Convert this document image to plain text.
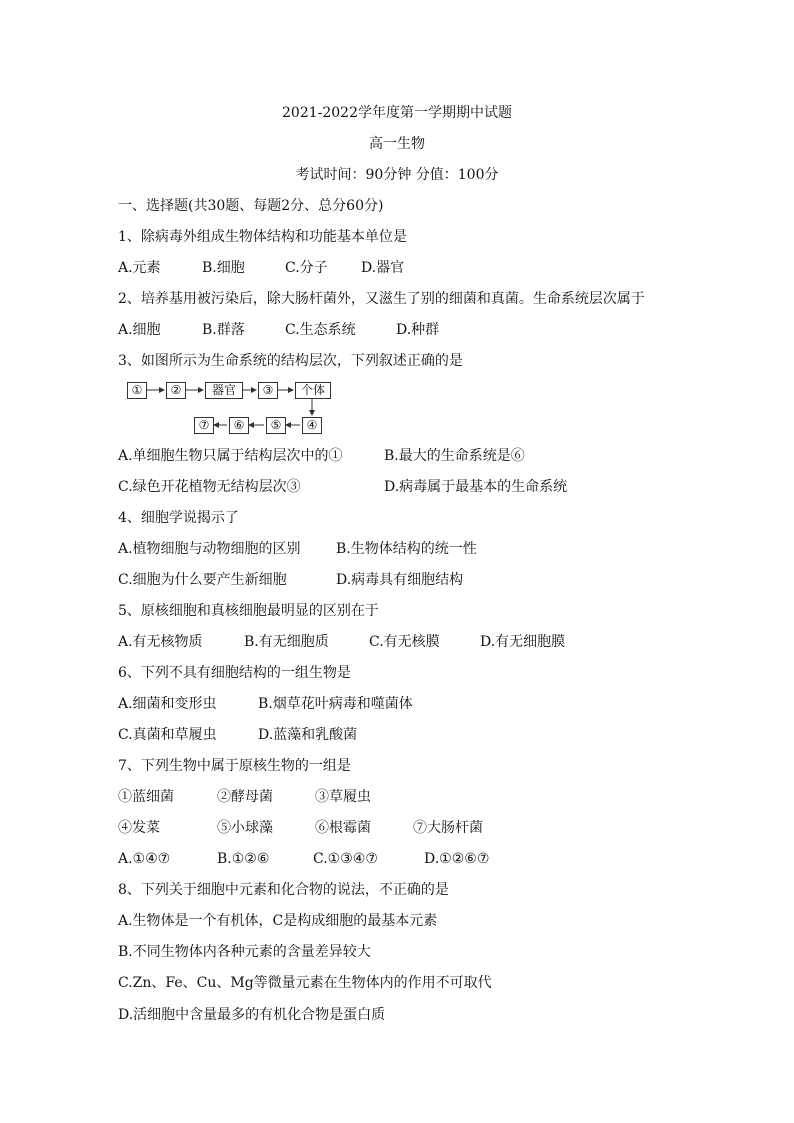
2021-2022学年度第一学期期中试题
高一生物
考试时间：90分钟 分值：100分
一、选择题(共30题、每题2分、总分60分)
1、除病毒外组成生物体结构和功能基本单位是
A.元素	B.细胞	C.分子 D.器官
2、培养基用被污染后，除大肠杆菌外，又滋生了别的细菌和真菌。生命系统层次属于
A.细胞	B.群落	C.生态系统	D.种群
3、如图所示为生命系统的结构层次，下列叙述正确的是
①	②	器官	③	个体
⑦	⑥	⑤	④
A.单细胞生物只属于结构层次中的①	B.最大的生命系统是⑥
C.绿色开花植物无结构层次③	D.病毒属于最基本的生命系统
4、细胞学说揭示了
A.植物细胞与动物细胞的区别	B.生物体结构的统一性
C.细胞为什么要产生新细胞	D.病毒具有细胞结构
5、原核细胞和真核细胞最明显的区别在于
A.有无核物质	B.有无细胞质	C.有无核膜	D.有无细胞膜
6、下列不具有细胞结构的一组生物是
A.细菌和变形虫	B.烟草花叶病毒和噬菌体
C.真菌和草履虫	D.蓝藻和乳酸菌
7、下列生物中属于原核生物的一组是
①蓝细菌	②酵母菌	③草履虫
④发菜	⑤小球藻	⑥根霉菌	⑦大肠杆菌
A.①④⑦	B.①②⑥	C.①③④⑦	D.①②⑥⑦
8、下列关于细胞中元素和化合物的说法，不正确的是
A.生物体是一个有机体，C是构成细胞的最基本元素
B.不同生物体内各种元素的含量差异较大
C.Zn、Fe、Cu、Mg等微量元素在生物体内的作用不可取代
D.活细胞中含量最多的有机化合物是蛋白质
